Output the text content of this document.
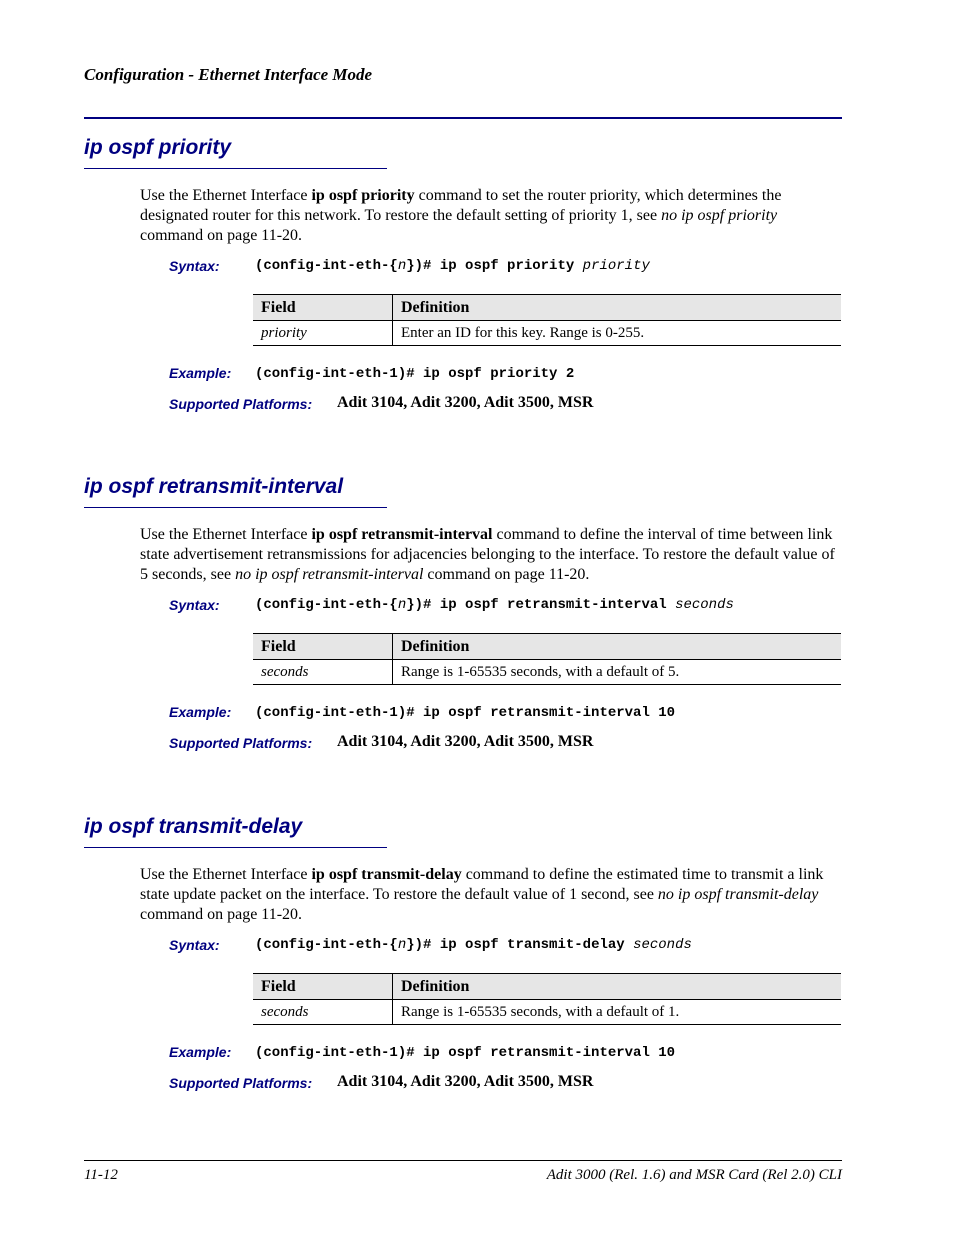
Configuration - Ethernet Interface Mode
ip ospf priority
Use the Ethernet Interface ip ospf priority command to set the router priority, which determines the designated router for this network. To restore the default setting of priority 1, see no ip ospf priority command on page 11-20.
Syntax:	(config-int-eth-{n})# ip ospf priority priority
Field	Definition
priority	Enter an ID for this key. Range is 0-255.
Example: (config-int-eth-1)# ip ospf priority 2
Supported Platforms: Adit 3104, Adit 3200, Adit 3500, MSR
ip ospf retransmit-interval
Use the Ethernet Interface ip ospf retransmit-interval command to define the interval of time between link state advertisement retransmissions for adjacencies belonging to the interface. To restore the default value of 5 seconds, see no ip ospf retransmit-interval command on page 11-20.
Syntax:	(config-int-eth-{n})# ip ospf retransmit-interval seconds
Field	Definition
seconds	Range is 1-65535 seconds, with a default of 5.
Example: (config-int-eth-1)# ip ospf retransmit-interval 10
Supported Platforms: Adit 3104, Adit 3200, Adit 3500, MSR
ip ospf transmit-delay
Use the Ethernet Interface ip ospf transmit-delay command to define the estimated time to transmit a link state update packet on the interface. To restore the default value of 1 second, see no ip ospf transmit-delay command on page 11-20.
Syntax:	(config-int-eth-{n})# ip ospf transmit-delay seconds
Field	Definition
seconds	Range is 1-65535 seconds, with a default of 1.
Example: (config-int-eth-1)# ip ospf retransmit-interval 10
Supported Platforms: Adit 3104, Adit 3200, Adit 3500, MSR
11-12	Adit 3000 (Rel. 1.6) and MSR Card (Rel 2.0) CLI
